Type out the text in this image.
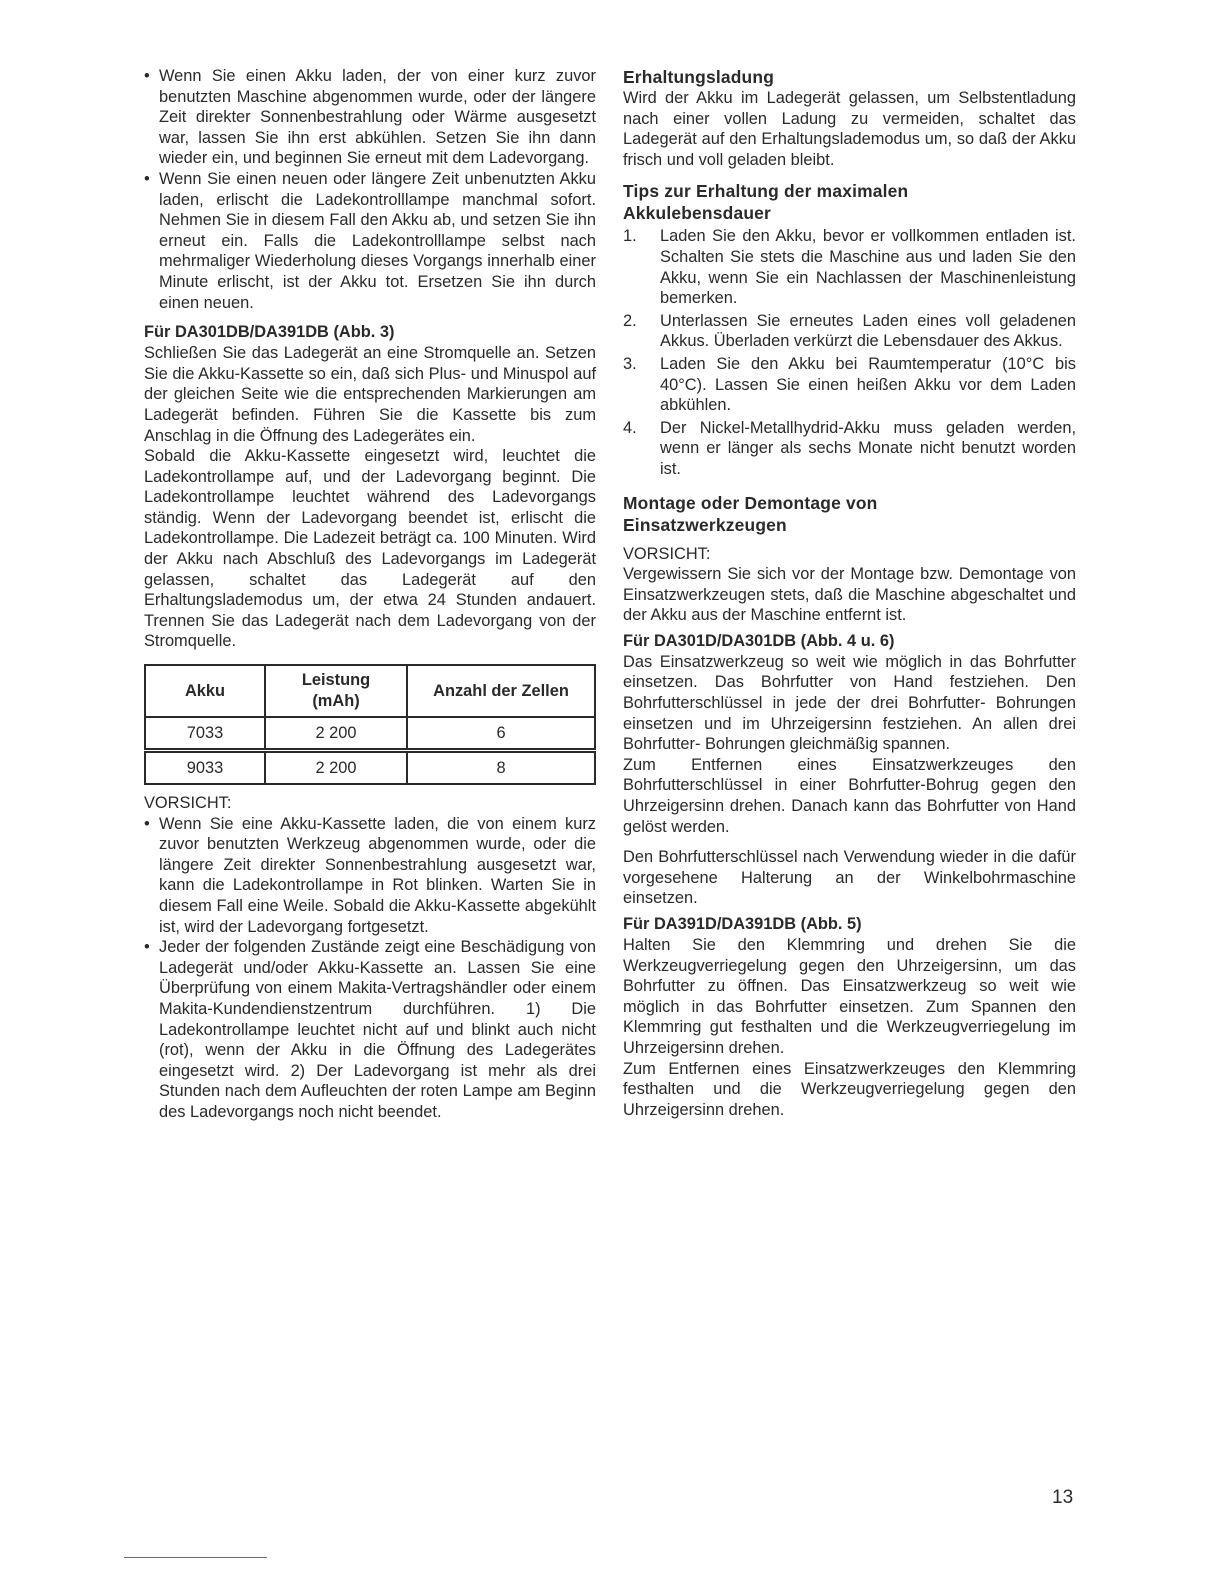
• Wenn Sie einen Akku laden, der von einer kurz zuvor benutzten Maschine abgenommen wurde, oder der längere Zeit direkter Sonnenbestrahlung oder Wärme ausgesetzt war, lassen Sie ihn erst abkühlen. Setzen Sie ihn dann wieder ein, und beginnen Sie erneut mit dem Ladevorgang.
• Wenn Sie einen neuen oder längere Zeit unbenutzten Akku laden, erlischt die Ladekontrolllampe manchmal sofort. Nehmen Sie in diesem Fall den Akku ab, und setzen Sie ihn erneut ein. Falls die Ladekontrolllampe selbst nach mehrmaliger Wiederholung dieses Vorgangs innerhalb einer Minute erlischt, ist der Akku tot. Ersetzen Sie ihn durch einen neuen.
Für DA301DB/DA391DB (Abb. 3)

Schließen Sie das Ladegerät an eine Stromquelle an. Setzen Sie die Akku-Kassette so ein, daß sich Plus- und Minuspol auf der gleichen Seite wie die entsprechenden Markierungen am Ladegerät befinden. Führen Sie die Kassette bis zum Anschlag in die Öffnung des Ladegerätes ein.

Sobald die Akku-Kassette eingesetzt wird, leuchtet die Ladekontrollampe auf, und der Ladevorgang beginnt. Die Ladekontrollampe leuchtet während des Ladevorgangs ständig. Wenn der Ladevorgang beendet ist, erlischt die Ladekontrollampe. Die Ladezeit beträgt ca. 100 Minuten. Wird der Akku nach Abschluß des Ladevorgangs im Ladegerät gelassen, schaltet das Ladegerät auf den Erhaltungslademodus um, der etwa 24 Stunden andauert. Trennen Sie das Ladegerät nach dem Ladevorgang von der Stromquelle.

Akku	Leistung (mAh)	Anzahl der Zellen
7033	2 200	6

9033	2 200	8

VORSICHT:

• Wenn Sie eine Akku-Kassette laden, die von einem kurz zuvor benutzten Werkzeug abgenommen wurde, oder die längere Zeit direkter Sonnenbestrahlung ausgesetzt war, kann die Ladekontrollampe in Rot blinken. Warten Sie in diesem Fall eine Weile. Sobald die Akku-Kassette abgekühlt ist, wird der Ladevorgang fortgesetzt.
• Jeder der folgenden Zustände zeigt eine Beschädigung von Ladegerät und/oder Akku-Kassette an. Lassen Sie eine Überprüfung von einem Makita-Vertragshändler oder einem Makita-Kundendienstzentrum durchführen. 1) Die Ladekontrollampe leuchtet nicht auf und blinkt auch nicht (rot), wenn der Akku in die Öffnung des Ladegerätes eingesetzt wird. 2) Der Ladevorgang ist mehr als drei Stunden nach dem Aufleuchten der roten Lampe am Beginn des Ladevorgangs noch nicht beendet.
Erhaltungsladung

Wird der Akku im Ladegerät gelassen, um Selbstentladung nach einer vollen Ladung zu vermeiden, schaltet das Ladegerät auf den Erhaltungslademodus um, so daß der Akku frisch und voll geladen bleibt.

Tips zur Erhaltung der maximalen Akkulebensdauer
1. Laden Sie den Akku, bevor er vollkommen entladen ist. Schalten Sie stets die Maschine aus und laden Sie den Akku, wenn Sie ein Nachlassen der Maschinenleistung bemerken.
2. Unterlassen Sie erneutes Laden eines voll geladenen Akkus. Überladen verkürzt die Lebensdauer des Akkus.
3. Laden Sie den Akku bei Raumtemperatur (10°C bis 40°C). Lassen Sie einen heißen Akku vor dem Laden abkühlen.
4. Der Nickel-Metallhydrid-Akku muss geladen werden, wenn er länger als sechs Monate nicht benutzt worden ist.
Montage oder Demontage von Einsatzwerkzeugen

VORSICHT:

Vergewissern Sie sich vor der Montage bzw. Demontage von Einsatzwerkzeugen stets, daß die Maschine abgeschaltet und der Akku aus der Maschine entfernt ist.

Für DA301D/DA301DB (Abb. 4 u. 6)

Das Einsatzwerkzeug so weit wie möglich in das Bohrfutter einsetzen. Das Bohrfutter von Hand festziehen. Den Bohrfutterschlüssel in jede der drei Bohrfutter- Bohrungen einsetzen und im Uhrzeigersinn festziehen. An allen drei Bohrfutter- Bohrungen gleichmäßig spannen.

Zum Entfernen eines Einsatzwerkzeuges den Bohrfutterschlüssel in einer Bohrfutter-Bohrug gegen den Uhrzeigersinn drehen. Danach kann das Bohrfutter von Hand gelöst werden.

Den Bohrfutterschlüssel nach Verwendung wieder in die dafür vorgesehene Halterung an der Winkelbohrmaschine einsetzen.

Für DA391D/DA391DB (Abb. 5)

Halten Sie den Klemmring und drehen Sie die Werkzeugverriegelung gegen den Uhrzeigersinn, um das Bohrfutter zu öffnen. Das Einsatzwerkzeug so weit wie möglich in das Bohrfutter einsetzen. Zum Spannen den Klemmring gut festhalten und die Werkzeugverriegelung im Uhrzeigersinn drehen.

Zum Entfernen eines Einsatzwerkzeuges den Klemmring festhalten und die Werkzeugverriegelung gegen den Uhrzeigersinn drehen.

13
